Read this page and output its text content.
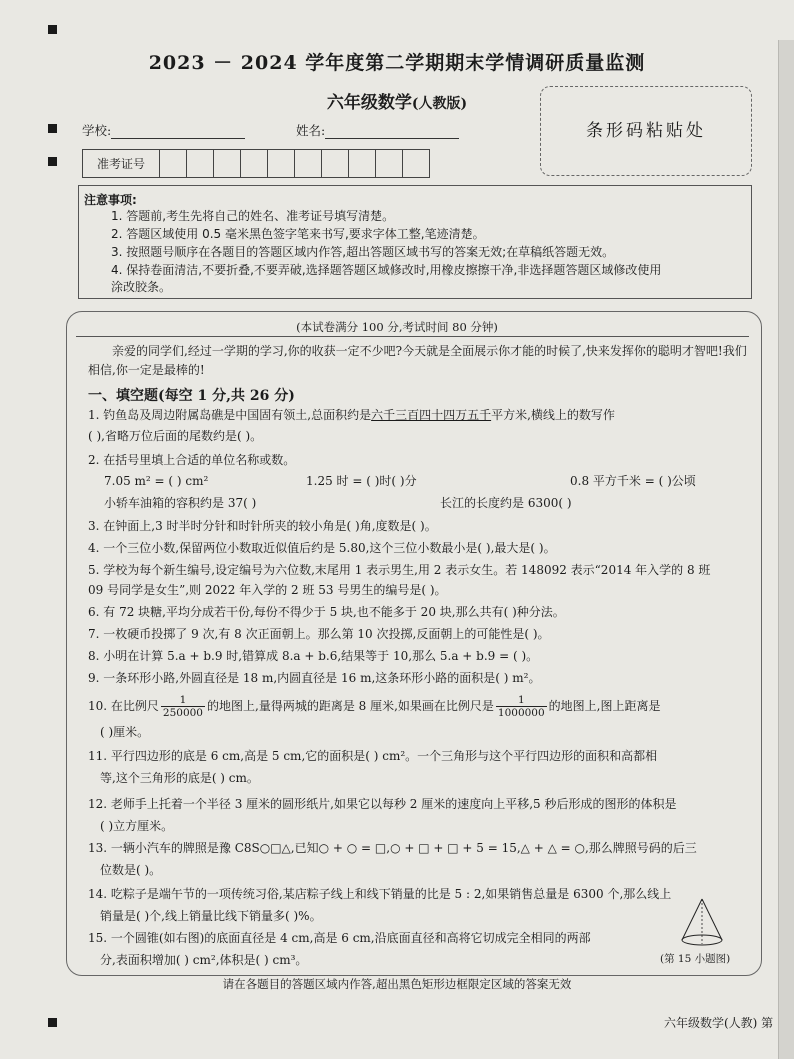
2023 － 2024 学年度第二学期期末学情调研质量监测
六年级数学(人教版)
学校:	姓名:
准考证号										
条形码粘贴处
注意事项:
1. 答题前,考生先将自己的姓名、准考证号填写清楚。
2. 答题区域使用 0.5 毫米黑色签字笔来书写,要求字体工整,笔迹清楚。
3. 按照题号顺序在各题目的答题区域内作答,超出答题区域书写的答案无效;在草稿纸答题无效。
4. 保持卷面清洁,不要折叠,不要弄破,选择题答题区域修改时,用橡皮擦擦干净,非选择题答题区域修改使用
涂改胶条。
(本试卷满分 100 分,考试时间 80 分钟)
亲爱的同学们,经过一学期的学习,你的收获一定不少吧?今天就是全面展示你才能的时候了,快来发挥你的聪明才智吧!我们相信,你一定是最棒的!
一、填空题(每空 1 分,共 26 分)
1. 钓鱼岛及周边附属岛礁是中国固有领土,总面积约是六千三百四十四万五千平方米,横线上的数写作
( ),省略万位后面的尾数约是( )。
2. 在括号里填上合适的单位名称或数。
7.05 m² = ( ) cm²	1.25 时 = ( )时( )分	0.8 平方千米 = ( )公顷
小轿车油箱的容积约是 37( )	长江的长度约是 6300( )
3. 在钟面上,3 时半时分针和时针所夹的较小角是( )角,度数是( )。
4. 一个三位小数,保留两位小数取近似值后约是 5.80,这个三位小数最小是( ),最大是( )。
5. 学校为每个新生编号,设定编号为六位数,末尾用 1 表示男生,用 2 表示女生。若 148092 表示“2014 年入学的 8 班
09 号同学是女生”,则 2022 年入学的 2 班 53 号男生的编号是( )。
6. 有 72 块糖,平均分成若干份,每份不得少于 5 块,也不能多于 20 块,那么共有( )种分法。
7. 一枚硬币投掷了 9 次,有 8 次正面朝上。那么第 10 次投掷,反面朝上的可能性是( )。
8. 小明在计算 5.a + b.9 时,错算成 8.a + b.6,结果等于 10,那么 5.a + b.9 = ( )。
9. 一条环形小路,外圆直径是 18 m,内圆直径是 16 m,这条环形小路的面积是( ) m²。
10. 在比例尺 $\frac{1}{250000}$ 的地图上,量得两城的距离是 8 厘米,如果画在比例尺是 $\frac{1}{1000000}$ 的地图上,图上距离是
( )厘米。
11. 平行四边形的底是 6 cm,高是 5 cm,它的面积是( ) cm²。一个三角形与这个平行四边形的面积和高都相
等,这个三角形的底是( ) cm。
12. 老师手上托着一个半径 3 厘米的圆形纸片,如果它以每秒 2 厘米的速度向上平移,5 秒后形成的图形的体积是
( )立方厘米。
13. 一辆小汽车的牌照是豫 C8S○□△,已知○ + ○ = □,○ + □ + □ + 5 = 15,△ + △ = ○,那么牌照号码的后三
位数是( )。
14. 吃粽子是端午节的一项传统习俗,某店粽子线上和线下销量的比是 5 : 2,如果销售总量是 6300 个,那么线上
销量是( )个,线上销量比线下销量多( )%。
15. 一个圆锥(如右图)的底面直径是 4 cm,高是 6 cm,沿底面直径和高将它切成完全相同的两部
分,表面积增加( ) cm²,体积是( ) cm³。	(第 15 小题图)
请在各题目的答题区域内作答,超出黑色矩形边框限定区域的答案无效
六年级数学(人教) 第
